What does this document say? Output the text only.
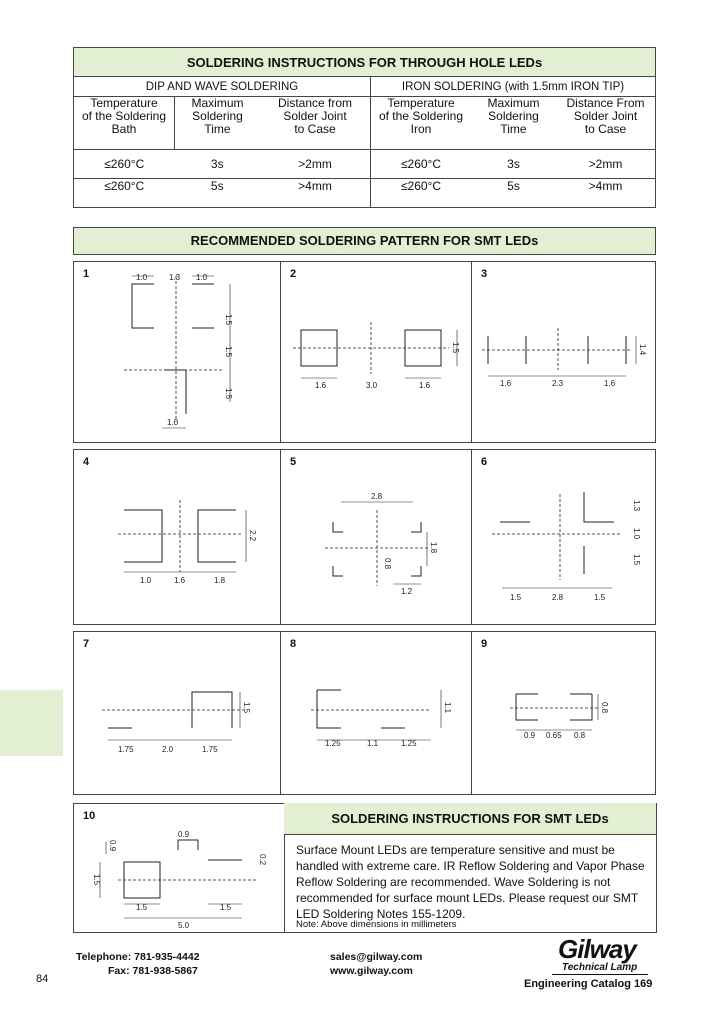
SOLDERING INSTRUCTIONS FOR THROUGH HOLE LEDs					
DIP AND WAVE SOLDERING			IRON SOLDERING (with 1.5mm IRON TIP)		
Temperature
of the Soldering
Bath	Maximum
Soldering
Time	Distance from
Solder Joint
to Case	Temperature
of the Soldering
Iron	Maximum
Soldering
Time	Distance From
Solder Joint
to Case
≤260°C	3s	>2mm	≤260°C	3s	>2mm
≤260°C	5s	>4mm	≤260°C	5s	>4mm
RECOMMENDED SOLDERING PATTERN FOR SMT LEDs
1	1.0	1.3 1.0
1.5
1.5
1.5
1.0
2
1.6	3.0	1.6
1.5
3
1.6	2.3	1.6
1.4
4
1.0	1.6	1.8
2.2
5
2.8
1.8
0.8
1.2
6
1.3
1.0
1.5
1.5	2.8	1.5
7
1.75	2.0	1.75
1.5
8
1.25	1.1	1.25
1.1
9
0.9 0.65 0.8
0.8
10
0.9
0.9
1.5
0.2
1.5	1.5
5.0
SOLDERING INSTRUCTIONS FOR SMT LEDs
Surface Mount LEDs are temperature sensitive and must be handled with extreme care. IR Reflow Soldering and Vapor Phase Reflow Soldering are recommended. Wave Soldering is not recommended for surface mount LEDs. Please request our SMT LED Soldering Notes 155-1209.
Note: Above dimensions in millimeters
Telephone: 781-935-4442
Fax: 781-938-5867
sales@gilway.com
www.gilway.com
84
Gilway
Technical Lamp
Engineering Catalog 169
